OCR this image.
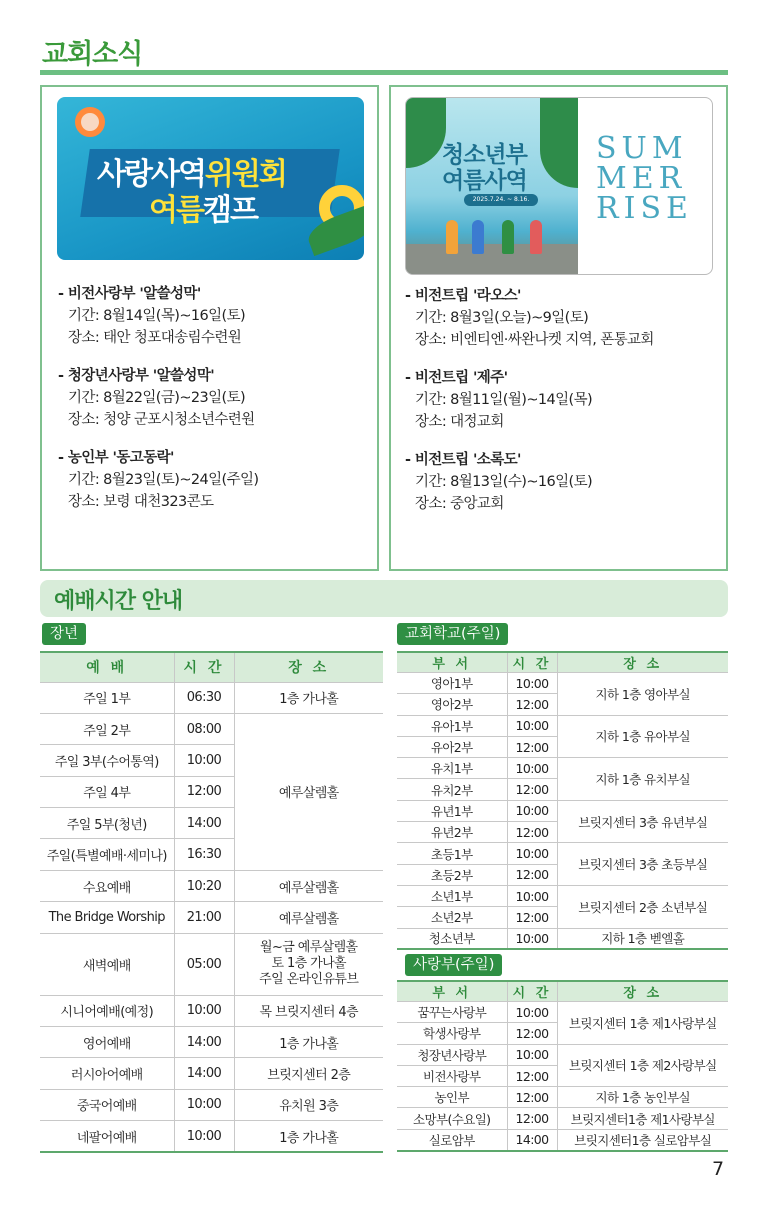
교회소식
사랑사역위원회
여름캠프
- 비전사랑부 '알쓸성막'
기간: 8월14일(목)~16일(토)
장소: 태안 청포대송림수련원
- 청장년사랑부 '알쓸성막'
기간: 8월22일(금)~23일(토)
장소: 청양 군포시청소년수련원
- 농인부 '동고동락'
기간: 8월23일(토)~24일(주일)
장소: 보령 대천323콘도
청소년부
여름사역
2025.7.24. ~ 8.16.
SUM
MER
RISE
- 비전트립 '라오스'
기간: 8월3일(오늘)~9일(토)
장소: 비엔티엔·싸완나켓 지역, 폰통교회
- 비전트립 '제주'
기간: 8월11일(월)~14일(목)
장소: 대정교회
- 비전트립 '소록도'
기간: 8월13일(수)~16일(토)
장소: 중앙교회
예배시간 안내
장년
예 배	시 간	장 소
주일 1부	06:30	1층 가나홀
주일 2부	08:00	예루살렘홀
주일 3부(수어통역)	10:00	
주일 4부	12:00	
주일 5부(청년)	14:00	
주일(특별예배·세미나)	16:30	
수요예배	10:20	예루살렘홀
The Bridge Worship	21:00	예루살렘홀
새벽예배	05:00	월~금 예루살렘홀
토 1층 가나홀
주일 온라인유튜브

시니어예배(예정)	10:00	목 브릿지센터 4층
영어예배	14:00	1층 가나홀
러시아어예배	14:00	브릿지센터 2층
중국어예배	10:00	유치원 3층
네팔어예배	10:00	1층 가나홀
교회학교(주일)
부 서	시 간	장 소
영아1부	10:00	지하 1층 영아부실
영아2부	12:00	
유아1부	10:00	지하 1층 유아부실
유아2부	12:00	
유치1부	10:00	지하 1층 유치부실
유치2부	12:00	
유년1부	10:00	브릿지센터 3층 유년부실
유년2부	12:00	
초등1부	10:00	브릿지센터 3층 초등부실
초등2부	12:00	
소년1부	10:00	브릿지센터 2층 소년부실
소년2부	12:00	
청소년부	10:00	지하 1층 벧엘홀
사랑부(주일)
부 서	시 간	장 소
꿈꾸는사랑부	10:00	브릿지센터 1층 제1사랑부실
학생사랑부	12:00	
청장년사랑부	10:00	브릿지센터 1층 제2사랑부실
비전사랑부	12:00	
농인부	12:00	지하 1층 농인부실
소망부(수요일)	12:00	브릿지센터1층 제1사랑부실
실로암부	14:00	브릿지센터1층 실로암부실
7
